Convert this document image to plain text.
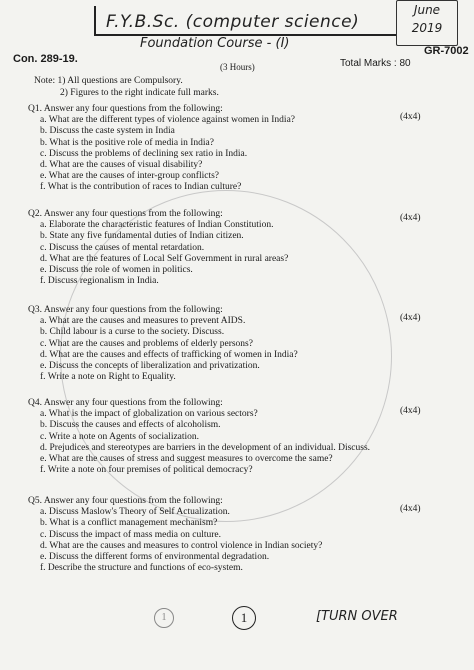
F.Y.B.Sc. (computer science)
June
2019
Foundation Course - (I)
Con. 289-19.
GR-7002
(3 Hours)	Total Marks : 80
Note: 1) All questions are Compulsory.
2) Figures to the right indicate full marks.
Q1. Answer any four questions from the following:
(4x4)
a. What are the different types of violence against women in India?
b. Discuss the caste system in India
b. What is the positive role of media in India?
c. Discuss the problems of declining sex ratio in India.
d. What are the causes of visual disability?
e. What are the causes of inter-group conflicts?
f. What is the contribution of races to Indian culture?
Q2. Answer any four questions from the following:	(4x4)
a. Elaborate the characteristic features of Indian Constitution.
b. State any five fundamental duties of Indian citizen.
c. Discuss the causes of mental retardation.
d. What are the features of Local Self Government in rural areas?
e. Discuss the role of women in politics.
f. Discuss regionalism in India.
Q3. Answer any four questions from the following:
(4x4)
a. What are the causes and measures to prevent AIDS.
b. Child labour is a curse to the society. Discuss.
c. What are the causes and problems of elderly persons?
d. What are the causes and effects of trafficking of women in India?
e. Discuss the concepts of liberalization and privatization.
f. Write a note on Right to Equality.
Q4. Answer any four questions from the following:
(4x4)
a. What is the impact of globalization on various sectors?
b. Discuss the causes and effects of alcoholism.
c. Write a note on Agents of socialization.
d. Prejudices and stereotypes are barriers in the development of an individual. Discuss.
e. What are the causes of stress and suggest measures to overcome the same?
f. Write a note on four premises of political democracy?
Q5. Answer any four questions from the following:
(4x4)
a. Discuss Maslow's Theory of Self Actualization.
b. What is a conflict management mechanism?
c. Discuss the impact of mass media on culture.
d. What are the causes and measures to control violence in Indian society?
e. Discuss the different forms of environmental degradation.
f. Describe the structure and functions of eco-system.
1	1	[TURN OVER
